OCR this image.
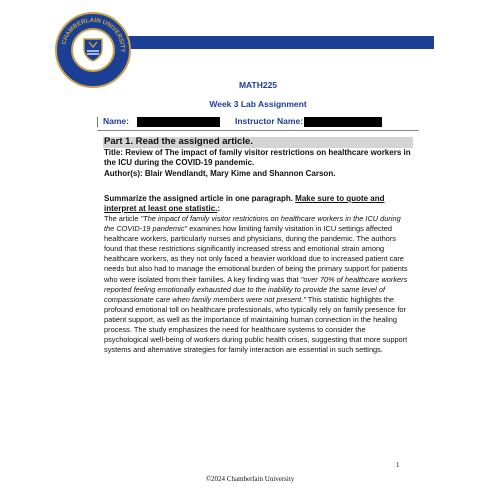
CHAMBERLAIN UNIVERSITY
MATH225
Week 3 Lab Assignment
Name:	Instructor Name:
Part 1. Read the assigned article.
Title: Review of The impact of family visitor restrictions on healthcare workers in the ICU during the COVID-19 pandemic.
Author(s): Blair Wendlandt, Mary Kime and Shannon Carson.
Summarize the assigned article in one paragraph. Make sure to quote and interpret at least one statistic.:
The article "The impact of family visitor restrictions on healthcare workers in the ICU during the COVID-19 pandemic" examines how limiting family visitation in ICU settings affected healthcare workers, particularly nurses and physicians, during the pandemic. The authors found that these restrictions significantly increased stress and emotional strain among healthcare workers, as they not only faced a heavier workload due to increased patient care needs but also had to manage the emotional burden of being the primary support for patients who were isolated from their families. A key finding was that "over 70% of healthcare workers reported feeling emotionally exhausted due to the inability to provide the same level of compassionate care when family members were not present." This statistic highlights the profound emotional toll on healthcare professionals, who typically rely on family presence for patient support, as well as the importance of maintaining human connection in the healing process. The study emphasizes the need for healthcare systems to consider the psychological well-being of workers during public health crises, suggesting that more support systems and alternative strategies for family interaction are essential in such settings.
1
©2024 Chamberlain University
